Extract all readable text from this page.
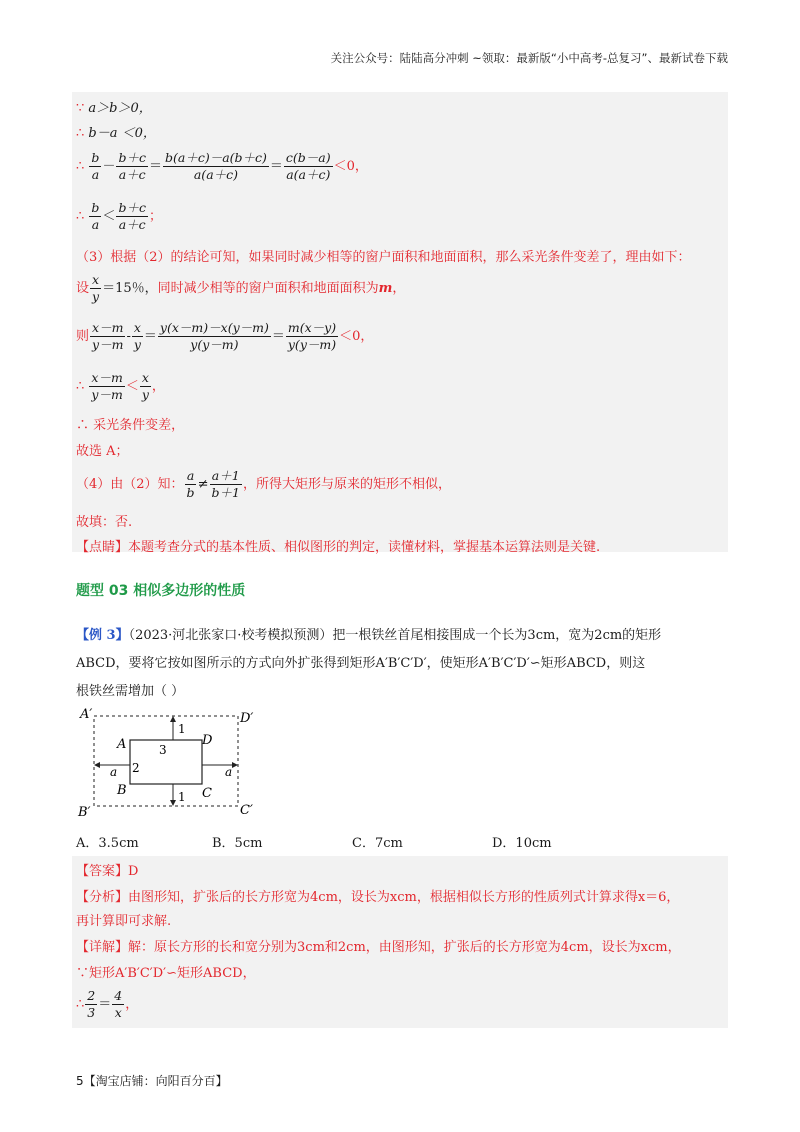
关注公众号：陆陆高分冲刺 ~领取：最新版“小中高考-总复习”、最新试卷下载
∵ a＞b＞0，
∴ b－a ＜0，
∴ $\frac{b}{a} - \frac{b+c}{a+c} = \frac{b(a+c)-a(b+c)}{a(a+c)} = \frac{c(b-a)}{a(a+c)} <0$，
∴ $\frac{b}{a} < \frac{b+c}{a+c}$ ；
（3）根据（2）的结论可知，如果同时减少相等的窗户面积和地面面积，那么采光条件变差了，理由如下：
设 $\frac{x}{y} =15$％，同时减少相等的窗户面积和地面面积为m，
则 $\frac{x-m}{y-m} - \frac{x}{y} = \frac{y(x-m)-x(y-m)}{y(y-m)} = \frac{m(x-y)}{y(y-m)} <0$，
∴ $\frac{x-m}{y-m} < \frac{x}{y}$ ，
∴ 采光条件变差，
故选 A；
（4）由（2）知： $\frac{a}{b} \ne \frac{a+1}{b+1}$ ，所得大矩形与原来的矩形不相似，
故填：否.
【点睛】本题考查分式的基本性质、相似图形的判定，读懂材料，掌握基本运算法则是关键.
题型 03 相似多边形的性质
【例 3】（2023·河北张家口·校考模拟预测）把一根铁丝首尾相接围成一个长为3cm，宽为2cm的矩形
ABCD，要将它按如图所示的方式向外扩张得到矩形A′B′C′D′，使矩形A′B′C′D′∽矩形ABCD，则这
根铁丝需增加（ ）
A′	D′
B′	C′
A
B	C
D
3
2
a	a
1
1
A．3.5cm	B．5cm	C．7cm	D．10cm
【答案】D
【分析】由图形知，扩张后的长方形宽为4cm，设长为xcm，根据相似长方形的性质列式计算求得x＝6，
再计算即可求解.
【详解】解：原长方形的长和宽分别为3cm和2cm，由图形知，扩张后的长方形宽为4cm，设长为xcm，
∵矩形A′B′C′D′∽矩形ABCD，
∴ $\frac{2}{3} = \frac{4}{x}$ ，
5【淘宝店铺：向阳百分百】
